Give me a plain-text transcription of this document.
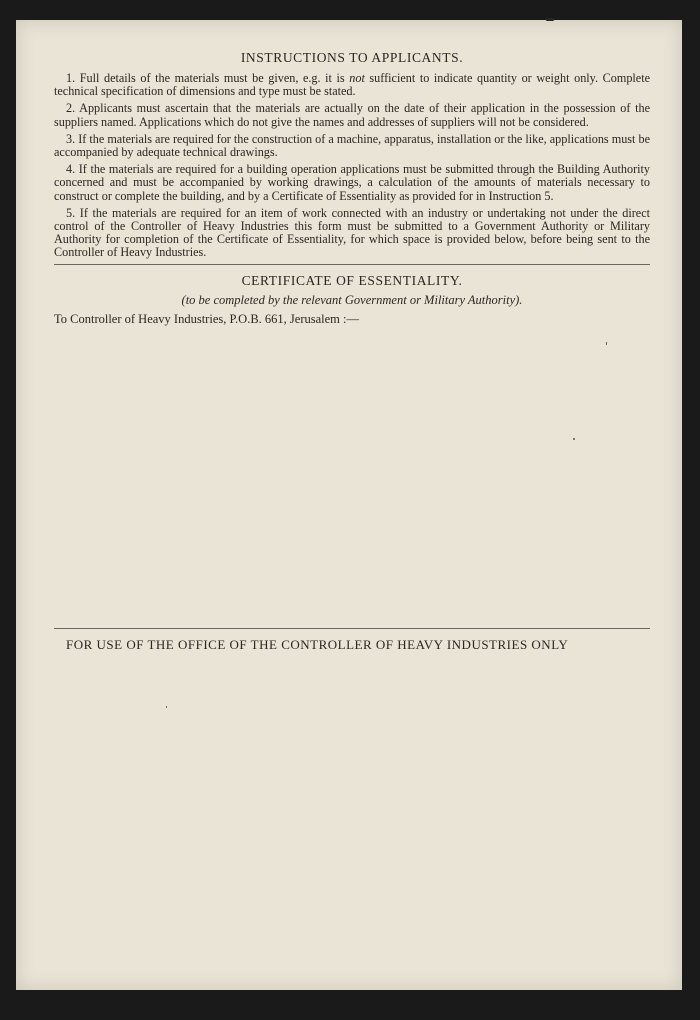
INSTRUCTIONS TO APPLICANTS.

1. Full details of the materials must be given, e.g. it is not sufficient to indicate quantity or weight only. Complete technical specification of dimensions and type must be stated.

2. Applicants must ascertain that the materials are actually on the date of their application in the possession of the suppliers named. Applications which do not give the names and addresses of suppliers will not be considered.

3. If the materials are required for the construction of a machine, apparatus, installation or the like, applications must be accompanied by adequate technical drawings.

4. If the materials are required for a building operation applications must be submitted through the Building Authority concerned and must be accompanied by working drawings, a calculation of the amounts of materials necessary to construct or complete the building, and by a Certificate of Essentiality as provided for in Instruction 5.

5. If the materials are required for an item of work connected with an industry or undertaking not under the direct control of the Controller of Heavy Industries this form must be submitted to a Government Authority or Military Authority for completion of the Certificate of Essentiality, for which space is provided below, before being sent to the Controller of Heavy Industries.

CERTIFICATE OF ESSENTIALITY.
(to be completed by the relevant Government or Military Authority).

To Controller of Heavy Industries, P.O.B. 661, Jerusalem :—

FOR USE OF THE OFFICE OF THE CONTROLLER OF HEAVY INDUSTRIES ONLY
